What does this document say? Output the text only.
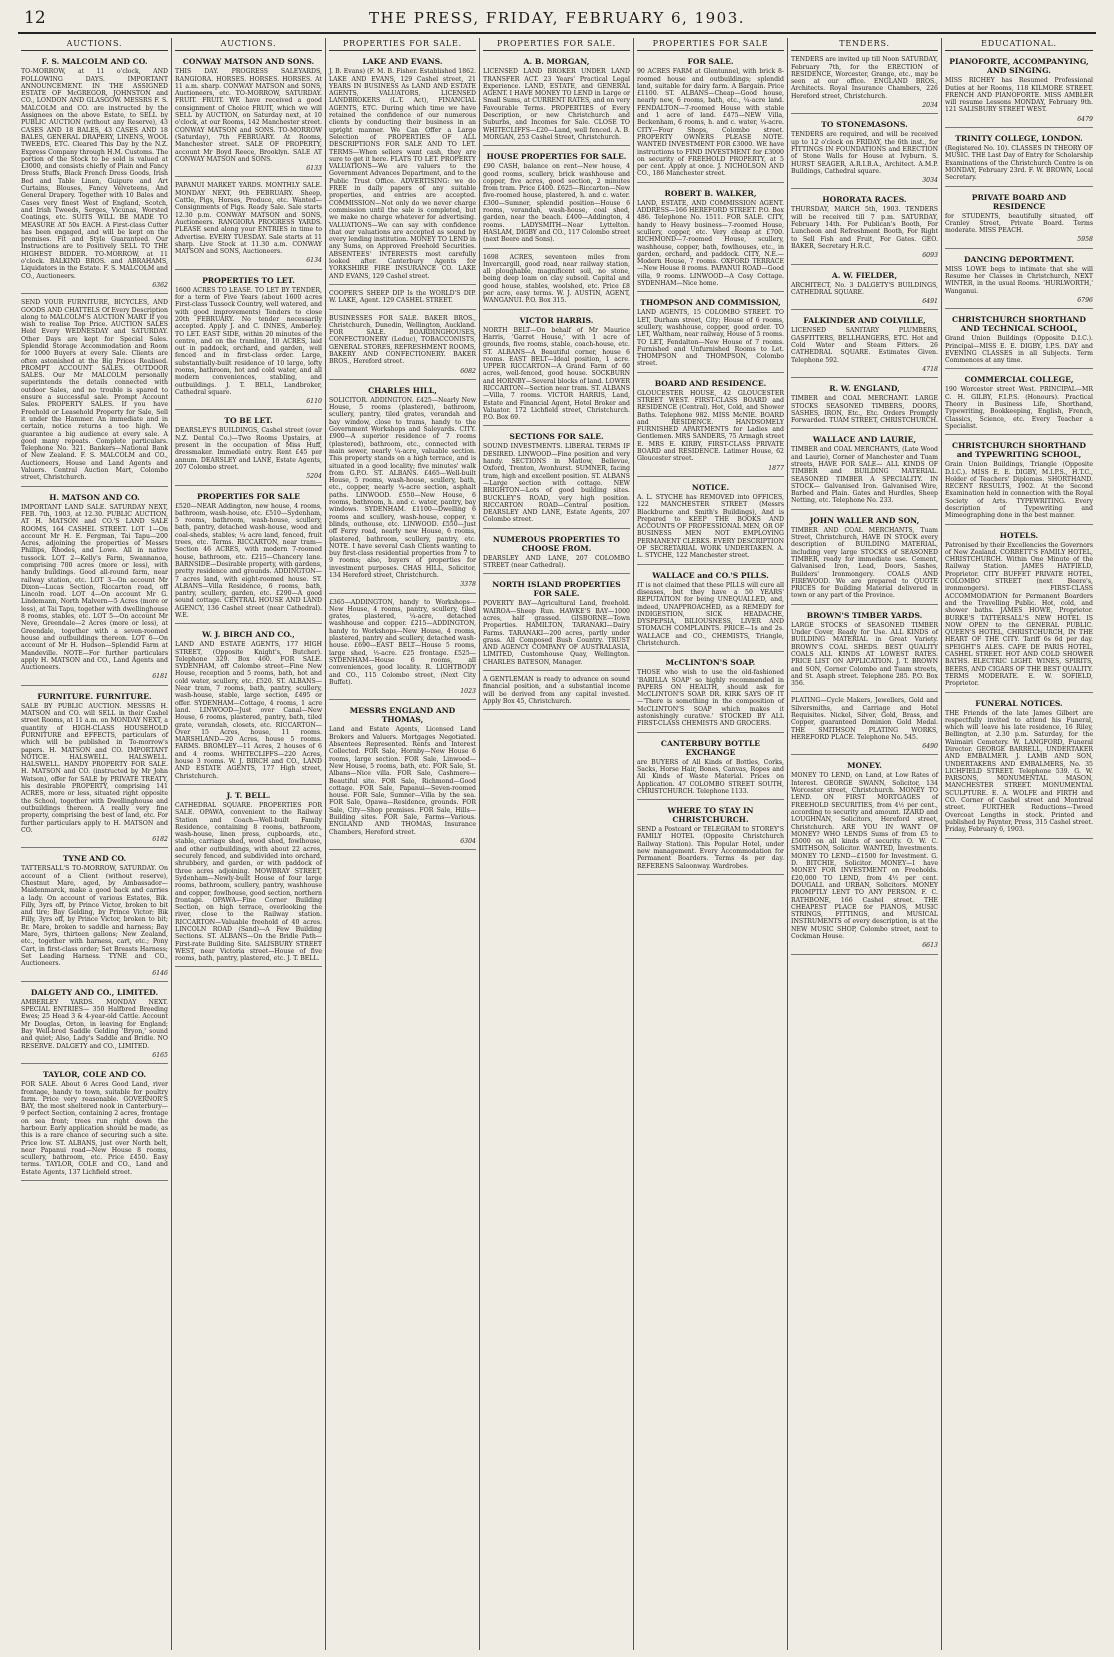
12	THE PRESS, FRIDAY, FEBRUARY 6, 1903.
AUCTIONS.
F. S. MALCOLM AND CO.
TO-MORROW, at 11 o'clock, AND FOLLOWING DAYS. IMPORTANT ANNOUNCEMENT. IN THE ASSIGNED ESTATE OF McGREGOR, JOHNSTON and CO., LONDON AND GLASGOW. MESSRS F. S. MALCOLM and CO. are instructed by the Assignees on the above Estate, to SELL by PUBLIC AUCTION (without any Reserve), 43 CASES AND 18 BALES, 43 CASES AND 18 BALES, GENERAL DRAPERY, LINENS, WOOL TWEEDS, ETC. Cleared This Day by the N.Z. Express Company through H.M. Customs. The portion of the Stock to be sold is valued at £3000, and consists chiefly of Plain and Fancy Dress Stuffs, Black French Dress Goods, Irish Bed and Table Linen, Guipure and Art Curtains, Blouses, Fancy Velveteens, And General Drapery. Together with 10 Bales and Cases very finest West of England, Scotch, and Irish Tweeds, Serges, Vicunas, Worsted Coatings, etc. SUITS WILL BE MADE TO MEASURE AT 50s EACH. A First-class Cutter has been engaged, and will be kept on the premises. Fit and Style Guaranteed. Our Instructions are to Positively SELL TO THE HIGHEST BIDDER. TO-MORROW, at 11 o'clock. BALKIND BROS. and ABRAHAMS, Liquidators in the Estate. F. S. MALCOLM and CO., Auctioneers.
6362
SEND YOUR FURNITURE, BICYCLES, AND GOODS AND CHATTELS Of Every Description along to MALCOLM'S AUCTION MART If you wish to realise Top Price. AUCTION SALES Held Every WEDNESDAY and SATURDAY. Other Days are kept for Special Sales. Splendid Storage Accommodation and Room for 1000 Buyers at every Sale. Clients are often astonished at the Big Prices Realised. PROMPT ACCOUNT SALES. OUTDOOR SALES. Our Mr MALCOLM personally superintends the details connected with outdoor Sales, and no trouble is spared to ensure a successful sale. Prompt Account Sales. PROPERTY SALES. If you have Freehold or Leasehold Property for Sale, Sell it under the Hammer. An immediate and in certain, notice returns a too high. We guarantee a big audience at every sale. A good many repeats. Complete particulars. Telephone No. 321. Bankers—National Bank of New Zealand. F. S. MALCOLM and CO., Auctioneers, House and Land Agents and Valuers. Central Auction Mart, Colombo street, Christchurch.
H. MATSON AND CO.
IMPORTANT LAND SALE. SATURDAY NEXT, FEB. 7th, 1903, at 12.30. PUBLIC AUCTION, AT H. MATSON and CO.'S LAND SALE ROOMS, 164 CASHEL STREET. LOT 1—On account Mr H. E. Fergman, Tai Tapu—200 Acres, adjoining the properties of Messrs Phillips, Rhodes, and Lowe. All in native tussock. LOT 2—Kelly's Farm, Swannanoa, comprising 700 acres (more or less), with handy buildings. Good all-round farm, near railway station, etc. LOT 3—On account Mr Dixon—Lucas Section, Riccarton road, off Lincoln road. LOT 4—On account Mr G. Lindemann, North Malvern—5 Acres (more or less), at Tai Tapu, together with dwellinghouse 8 rooms, stables, etc. LOT 5—On account Mr Neve, Greendale—2 Acres (more or less), at Greendale, together with a seven-roomed house and outbuildings thereon. LOT 6—On account of Mr H. Hudson—Splendid Farm at Mandeville. NOTE—For further particulars apply H. MATSON and CO., Land Agents and Auctioneers.
6181
FURNITURE. FURNITURE.
SALE BY PUBLIC AUCTION. MESSRS H. MATSON and CO. will SELL in their Cashel street Rooms, at 11 a.m. on MONDAY NEXT, a quantity of HIGH-CLASS HOUSEHOLD FURNITURE and EFFECTS, particulars of which will be published in To-morrow's papers. H. MATSON and CO. IMPORTANT NOTICE. HALSWELL. HALSWELL. HALSWELL. HANDY PROPERTY FOR SALE. H. MATSON and CO. (instructed by Mr John Watson), offer for SALE by PRIVATE TREATY, his desirable PROPERTY, comprising 141 ACRES, more or less, situated right opposite the School, together with Dwellinghouse and outbuildings thereon. A really very fine property, comprising the best of land, etc. For further particulars apply to H. MATSON and CO.
6182
TYNE AND CO.
TATTERSALL'S TO-MORROW, SATURDAY. On account of a Client (without reserve), Chestnut Mare, aged, by Ambassador—Maidenmarck, make a good back and carries a lady. On account of various Estates, Bik. Filly, 3yrs off, by Prince Victor, broken to bit and tire; Bay Gelding, by Prince Victor; Bik Filly, 3yrs off, by Prince Victor, broken to bit; Br. Mare, broken to saddle and harness; Bay Mare, 5yrs, thirteen gallons; New Zealand, etc., together with harness, cart, etc.; Pony Cart, in first-class order; Set Breasts Harness; Set Leading Harness. TYNE and CO., Auctioneers.
6146
DALGETY AND CO., LIMITED.
AMBERLEY YARDS. MONDAY NEXT. SPECIAL ENTRIES— 350 Halfbred Breeding Ewes; 25 Head 3 & 4-year-old Cattle. Account Mr Douglas, Orton, in leaving for England; Bay Well-bred Saddle Gelding 'Bryon,' sound and quiet; Also, Lady's Saddle and Bridle. NO RESERVE. DALGETY and CO., LIMITED.
6165
TAYLOR, COLE AND CO.
FOR SALE. About 6 Acres Good Land, river frontage, handy to town, suitable for poultry farm. Price very reasonable. GOVERNOR'S BAY, the most sheltered nook in Canterbury—9 perfect Section, containing 2 acres, frontage on sea front; trees run right down the harbour. Early application should be made, as this is a rare chance of securing such a site. Price low. ST. ALBANS, just over North belt, near Papanui road—New House 8 rooms, scullery, bathroom, etc. Price £450. Easy terms. TAYLOR, COLE and CO., Land and Estate Agents, 137 Lichfield street.
AUCTIONS.
CONWAY MATSON AND SONS.
THIS DAY. PROGRESS SALEYARDS, RANGIORA. HORSES. HORSES. HORSES. At 11 a.m. sharp. CONWAY MATSON and SONS, Auctioneers, etc. TO-MORROW, SATURDAY. FRUIT. FRUIT. WE have received a good consignment of Choice FRUIT, which we will SELL by AUCTION, on Saturday next, at 10 o'clock, at our Rooms, 142 Manchester street. CONWAY MATSON and SONS. TO-MORROW (Saturday), 7th FEBRUARY. At Rooms, Manchester street. SALE OF PROPERTY, account Mr Boyd Reece, Brooklyn. SALE AT CONWAY MATSON and SONS.
6133
PAPANUI MARKET YARDS. MONTHLY SALE. MONDAY NEXT, 9th FEBRUARY. Sheep, Cattle, Pigs, Horses, Produce, etc. Wanted—Consignments of Pigs. Ready Sale. Sale starts 12.30 p.m. CONWAY MATSON and SONS, Auctioneers. RANGIORA PROGRESS YARDS. PLEASE send along your ENTRIES in time to Advertise. EVERY TUESDAY. Sale starts at 11 sharp. Live Stock at 11.30 a.m. CONWAY MATSON and SONS, Auctioneers.
6134
PROPERTIES TO LET.
1600 ACRES TO LEASE. TO LET BY TENDER, for a term of Five Years (about 1600 acres First-class Tussock Country, well watered, and with good improvements) Tenders to close 20th FEBRUARY. No tender necessarily accepted. Apply J. and C. INNES, Amberley. TO LET. EAST SIDE, within 20 minutes of the centre, and on the tramline, 10 ACRES, laid out in paddock, orchard, and garden, well fenced and in first-class order. Large, substantially-built residence of 10 large, lofty rooms, bathroom, hot and cold water, and all modern conveniences, stabling, and outbuildings. J. T. BELL, Landbroker, Cathedral square.
6110
TO BE LET.
DEARSLEY'S BUILDINGS, Cashel street (over N.Z. Dental Co.)—Two Rooms Upstairs, at present in the occupation of Miss Huff, dressmaker. Immediate entry. Rent £45 per annum. DEARSLEY and LANE, Estate Agents, 207 Colombo street.
5204
PROPERTIES FOR SALE
£520—NEAR Addington, new house, 4 rooms, bathroom, wash-house, etc. £510—Sydenham, 5 rooms, bathroom, wash-house, scullery, bath, pantry, detached wash-house, wood and coal-sheds, stables; ¼ acre land, fenced, fruit trees, etc. Terms. RICCARTON, near tram—Section 46 ACRES, with modern 7-roomed house, bathroom, etc. £215—Chancery lane. BARNSIDE—Desirable property, with gardens, pretty residence and grounds. ADDINGTON—7 acres land, with eight-roomed house. ST. ALBANS—Villa Residence, 6 rooms, bath, pantry, scullery, garden, etc. £290—A good sound cottage. CENTRAL HOUSE AND LAND AGENCY, 136 Cashel street (near Cathedral). W.E.
W. J. BIRCH AND CO.,
LAND AND ESTATE AGENTS, 177 HIGH STREET, (Opposite Knight's, Butcher). Telephone 329. Box 460. FOR SALE. SYDENHAM, off Colombo street—Fine New House, reception and 5 rooms, bath, hot and cold water, scullery, etc. £520. ST. ALBANS—Near tram, 7 rooms, bath, pantry, scullery, wash-house, stable, large section, £495 or offer. SYDENHAM—Cottage, 4 rooms, 1 acre land. LINWOOD—Just over Canal—New House, 6 rooms, plastered, pantry, bath, tiled grate, verandah, closets, etc. RICCARTON—Over 15 Acres, house, 11 rooms. MARSHLAND—20 Acres, house 5 rooms. FARMS. BROMLEY—11 Acres, 2 houses of 6 and 4 rooms. WHITECLIFFS—220 Acres, house 3 rooms. W. J. BIRCH and CO., LAND AND ESTATE AGENTS, 177 High street, Christchurch.
J. T. BELL.
CATHEDRAL SQUARE. PROPERTIES FOR SALE. OPAWA, convenient to the Railway Station and Coach—Well-built Family Residence, containing 8 rooms, bathroom, wash-house, linen press, cupboards, etc., stable, carriage shed, wood shed, fowlhouse, and other outbuildings, with about 22 acres, securely fenced, and subdivided into orchard, shrubbery, and garden, or with paddock of three acres adjoining. MOWBRAY STREET, Sydenham—Newly-built House of four large rooms, bathroom, scullery, pantry, washhouse and copper, fowlhouse, good section, northern frontage. OPAWA—Fine Corner Building Section, on high terrace, overlooking the river, close to the Railway station. RICCARTON—Valuable freehold of 40 acres. LINCOLN ROAD (Sand)—A Few Building Sections. ST. ALBANS—On the Bridle Path—First-rate Building Site. SALISBURY STREET WEST, near Victoria street—House of five rooms, bath, pantry, plastered, etc. J. T. BELL.
PROPERTIES FOR SALE.
LAKE AND EVANS.
J. B. Evans) (F. M. B. Fisher. Established 1862. LAKE AND EVANS, 129 Cashel street, 21 YEARS IN BUSINESS As LAND AND ESTATE AGENTS, VALUATORS, LICENSED LANDBROKERS (L.T. Act), FINANCIAL AGENTS, ETC. During which time we have retained the confidence of our numerous clients by conducting their business in an upright manner. We Can Offer a Large Selection of PROPERTIES OF ALL DESCRIPTIONS FOR SALE AND TO LET. TERMS—When sellers want cash, they are sure to get it here. FLATS TO LET. PROPERTY VALUATIONS—We are valuers to the Government Advances Department, and to the Public Trust Office. ADVERTISING: we do FREE in daily papers of any suitable properties, and entries are accepted. COMMISSION—Not only do we never charge commission until the sale is completed, but we make no charge whatever for advertising. VALUATIONS—We can say with confidence that our valuations are accepted as sound by every lending institution. MONEY TO LEND in any Sums, on Approved Freehold Securities. ABSENTEES' INTERESTS most carefully looked after. Canterbury Agents for YORKSHIRE FIRE INSURANCE CO. LAKE AND EVANS, 129 Cashel street.
COOPER'S SHEEP DIP Is the WORLD'S DIP. W. LAKE, Agent. 129 CASHEL STREET.
BUSINESSES FOR SALE. BAKER BROS., Christchurch, Dunedin, Wellington, Auckland. FOR SALE. BOARDINGHOUSES, CONFECTIONERY (Leduc), TOBACCONISTS, GENERAL STORES, REFRESHMENT ROOMS, BAKERY AND CONFECTIONERY. BAKER BROS., Hereford street.
6082
CHARLES HILL,
SOLICITOR. ADDINGTON. £425—Nearly New House, 5 rooms (plastered), bathroom, scullery, pantry, tiled grates, verandah and bay window, close to trams, handy to the Government Workshops and Saleyards. CITY. £900—A superior residence of 7 rooms (plastered), bathroom, etc., connected with main sewer, nearly ¼-acre, valuable section. This property stands on a high terrace, and is situated in a good locality; five minutes' walk from G.P.O. ST. ALBANS. £465—Well-built House, 5 rooms, wash-house, scullery, bath, etc., copper, nearly ¼-acre section, asphalt paths. LINWOOD. £550—New House, 6 rooms, bathroom, h. and c. water, pantry, bay windows. SYDENHAM. £1100—Dwelling 6 rooms and scullery, wash-house, copper, v. blinds, outhouse, etc. LINWOOD. £550—Just off Ferry road, nearly new House, 6 rooms, plastered, bathroom, scullery, pantry, etc. NOTE. I have several Cash Clients wanting to buy first-class residential properties from 7 to 9 rooms; also, buyers of properties for investment purposes. CHAS HILL, Solicitor, 134 Hereford street, Christchurch.
3378
£365—ADDINGTON, handy to Workshops—New House, 4 rooms, pantry, scullery, tiled grates, plastered, ¼-acre, detached washhouse and copper. £215—ADDINGTON, handy to Workshops—New House, 4 rooms, plastered, pantry and scullery, detached wash-house. £690—EAST BELT—House 5 rooms, large shed, ½-acre. £25 frontage. £525—SYDENHAM—House 6 rooms, all conveniences, good locality. R. LIGHTBODY and CO., 115 Colombo street, (Next City Buffet).
1023
MESSRS ENGLAND AND THOMAS,
Land and Estate Agents, Licensed Land Brokers and Valuers. Mortgages Negotiated. Absentees Represented. Rents and Interest Collected. FOR Sale, Hornby—New House 6 rooms, large section. FOR Sale, Linwood—New House, 5 rooms, bath, etc. FOR Sale, St. Albans—Nice villa. FOR Sale, Cashmere—Beautiful site. FOR Sale, Richmond—Good cottage. FOR Sale, Papanui—Seven-roomed house. FOR Sale, Sumner—Villa by the sea. FOR Sale, Opawa—Residence, grounds. FOR Sale, City—Shop premises. FOR Sale, Hills—Building sites. FOR Sale, Farms—Various. ENGLAND AND THOMAS, Insurance Chambers, Hereford street.
6304
PROPERTIES FOR SALE.
A. B. MORGAN,
LICENSED LAND BROKER UNDER LAND TRANSFER ACT. 23 Years' Practical Legal Experience. LAND, ESTATE, and GENERAL AGENT. I HAVE MONEY TO LEND in Large or Small Sums, at CURRENT RATES, and on very Favourable Terms. PROPERTIES of Every Description, or new Christchurch and Suburbs, and Incomes for Sale. CLOSE TO WHITECLIFFS—£20—Land, well fenced. A. B. MORGAN, 253 Cashel Street, Christchurch.
HOUSE PROPERTIES FOR SALE.
£90 CASH, balance on rent—New house, 4 good rooms, scullery, brick washhouse and copper, five acres, good section, 2 minutes from tram. Price £400. £625—Riccarton—New five-roomed house, plastered, h. and c. water. £300—Sumner, splendid position—House 6 rooms, verandah, wash-house, coal shed, garden, near the beach. £400—Addington, 4 rooms. LADYSMITH—Near Lyttelton. HASLAM, DIGBY and CO., 117 Colombo street (next Beere and Sons).
1698 ACRES, seventeen miles from Invercargill, good road, near railway station, all ploughable, magnificent soil, no stone, being deep loam on clay subsoil. Capital and good house, stables, woolshed, etc. Price £8 per acre, easy terms. W. J. AUSTIN, AGENT, WANGANUI. P.O. Box 315.
VICTOR HARRIS.
NORTH BELT—On behalf of Mr Maurice Harris, 'Garret House,' with 1 acre of grounds, five rooms, stable, coach-house, etc. ST. ALBANS—A Beautiful corner, house 6 rooms. EAST BELT—Ideal position, 1 acre. UPPER RICCARTON—A Grand Farm of 60 acres, well-fenced, good house. SOCKBURN and HORNBY—Several blocks of land. LOWER RICCARTON—Section near tram. ST. ALBANS—Villa, 7 rooms. VICTOR HARRIS, Land, Estate and Financial Agent, Hotel Broker and Valuator. 172 Lichfield street, Christchurch. P.O. Box 69.
SECTIONS FOR SALE.
SOUND INVESTMENTS. LIBERAL TERMS IF DESIRED. LINWOOD—Fine position and very handy. SECTIONS in Matlow, Bellevue, Oxford, Trenton, Avonhurst. SUMNER, facing tram, high and excellent position. ST. ALBANS—Large section with cottage. NEW BRIGHTON—Lots of good building sites. BUCKLEY'S ROAD, very high position. RICCARTON ROAD—Central position. DEARSLEY AND LANE, Estate Agents, 207 Colombo street.
NUMEROUS PROPERTIES TO CHOOSE FROM.
DEARSLEY AND LANE, 207 COLOMBO STREET (near Cathedral).
NORTH ISLAND PROPERTIES FOR SALE.
POVERTY BAY—Agricultural Land, freehold. WAIROA—Sheep Run. HAWKE'S BAY—1000 acres, half grassed. GISBORNE—Town Properties. HAMILTON, TARANAKI—Dairy Farms. TARANAKI—200 acres, partly under grass. All Composed Bush Country. TRUST AND AGENCY COMPANY OF AUSTRALASIA, LIMITED, Customhouse Quay, Wellington. CHARLES BATESON, Manager.
A GENTLEMAN is ready to advance on sound financial position, and a substantial income will be derived from any capital invested. Apply Box 45, Christchurch.
PROPERTIES FOR SALE
FOR SALE.
90 ACRES FARM at Glentunnel, with brick 8-roomed house and outbuildings; splendid land, suitable for dairy farm. A Bargain. Price £1100. ST. ALBANS—Cheap—Good house, nearly new, 6 rooms, bath, etc., ¼-acre land. FENDALTON—7-roomed House with stable and 1 acre of land. £475—NEW Villa, Beckenham, 6 rooms, h. and c. water, ¼-acre. CITY—Four Shops, Colombo street. PROPERTY OWNERS PLEASE NOTE. WANTED INVESTMENT FOR £3000. WE have instructions to FIND INVESTMENT for £3000 on security of FREEHOLD PROPERTY, at 5 per cent. Apply at once. J. NICHOLSON AND CO., 186 Manchester street.
ROBERT B. WALKER,
LAND, ESTATE, AND COMMISSION AGENT. ADDRESS—166 HEREFORD STREET. P.O. Box 486. Telephone No. 1511. FOR SALE. CITY, handy to Heavy business—7-roomed House, scullery, copper, etc. Very cheap at £700. RICHMOND—7-roomed House, scullery, washhouse, copper, bath, fowlhouses, etc., in garden, orchard, and paddock. CITY, N.E.—Modern House, 7 rooms. OXFORD TERRACE—New House 8 rooms. PAPANUI ROAD—Good villa, 9 rooms. LINWOOD—A Cosy Cottage. SYDENHAM—Nice home.
THOMPSON AND COMMISSION,
LAND AGENTS, 15 COLOMBO STREET. TO LET, Durham street, City; House of 6 rooms, scullery, washhouse, copper, good order. TO LET, Waltham, near railway, House of 5 rooms. TO LET, Fendalton—New House of 7 rooms. Furnished and Unfurnished Rooms to Let. THOMPSON and THOMPSON, Colombo street.
BOARD AND RESIDENCE.
GLOUCESTER HOUSE, 42 GLOUCESTER STREET WEST. FIRST-CLASS BOARD and RESIDENCE (Central). Hot, Cold, and Shower Baths. Telephone 982. MISS McNIE. BOARD and RESIDENCE. HANDSOMELY FURNISHED APARTMENTS for Ladies and Gentlemen. MRS SANDERS, 75 Armagh street E. MRS E. KIRBY, FIRST-CLASS PRIVATE BOARD and RESIDENCE. Latimer House, 62 Gloucester street.
1877
NOTICE.
A. L. STYCHE has REMOVED into OFFICES, 122 MANCHESTER STREET (Messrs Blackburne and Smith's Buildings), And is Prepared to KEEP THE BOOKS AND ACCOUNTS OF PROFESSIONAL MEN, OR OF BUSINESS MEN NOT EMPLOYING PERMANENT CLERKS. EVERY DESCRIPTION OF SECRETARIAL WORK UNDERTAKEN. A. L. STYCHE, 122 Manchester street.
WALLACE and CO.'S PILLS.
IT is not claimed that these PILLS will cure all diseases, but they have a 50 YEARS' REPUTATION for being UNEQUALLED, and, indeed, UNAPPROACHED, as a REMEDY for INDIGESTION, SICK HEADACHE, DYSPEPSIA, BILIOUSNESS, LIVER AND STOMACH COMPLAINTS. PRICE—1s and 2s. WALLACE and CO., CHEMISTS, Triangle, Christchurch.
McCLINTON'S SOAP.
THOSE who wish to use the old-fashioned 'BARILLA SOAP' so highly recommended in PAPERS ON HEALTH, should ask for McCLINTON'S SOAP. DR. KIRK SAYS OF IT—'There is something in the composition of McCLINTON'S SOAP which makes it astonishingly curative.' STOCKED BY ALL FIRST-CLASS CHEMISTS AND GROCERS.
CANTERBURY BOTTLE EXCHANGE
are BUYERS of All Kinds of Bottles, Corks, Sacks, Horse Hair, Bones, Canvas, Ropes and All Kinds of Waste Material. Prices on Application. 47 COLOMBO STREET SOUTH, CHRISTCHURCH. Telephone 1133.
WHERE TO STAY IN CHRISTCHURCH.
SEND a Postcard or TELEGRAM to STOREY'S FAMILY HOTEL (Opposite Christchurch Railway Station). This Popular Hotel, under new management. Every Accommodation for Permanent Boarders. Terms 4s per day. REFERENS Saloonway. Wardrobes.
TENDERS.
TENDERS are invited up till Noon SATURDAY, February 7th, for the ERECTION of RESIDENCE, Worcester, Grange, etc., may be seen at our office. ENGLAND BROS., Architects. Royal Insurance Chambers, 226 Hereford street, Christchurch.
2034
TO STONEMASONS.
TENDERS are required, and will be received up to 12 o'clock on FRIDAY, the 6th inst., for FITTINGS IN FOUNDATIONS and ERECTION of Stone Walls for House at Ivyburn. S. HURST SEAGER, A.R.I.B.A., Architect. A.M.P. Buildings, Cathedral square.
3034
HORORATA RACES.
THURSDAY, MARCH 5th, 1903. TENDERS will be received till 7 p.m. SATURDAY, February 14th. For Publican's Booth, For Luncheon and Refreshment Booth, For Right to Sell Fish and Fruit, For Gates. GEO. BAKER, Secretary H.R.C.
6093
A. W. FIELDER,
ARCHITECT, No. 3 DALGETY'S BUILDINGS, CATHEDRAL SQUARE.
6491
FALKINDER AND COLVILLE,
LICENSED SANITARY PLUMBERS, GASFITTERS, BELLHANGERS, ETC. Hot and Cold Water and Steam Fitters. 26 CATHEDRAL SQUARE. Estimates Given. Telephone 592.
4718
R. W. ENGLAND,
TIMBER and COAL MERCHANT. LARGE STOCKS SEASONED TIMBERS, DOORS, SASHES, IRON, Etc., Etc. Orders Promptly Forwarded. TUAM STREET, CHRISTCHURCH.
WALLACE AND LAURIE,
TIMBER and COAL MERCHANTS, (Late Wood and Laurie), Corner of Manchester and Tuam streets, HAVE FOR SALE— ALL KINDS OF TIMBER and BUILDING MATERIAL. SEASONED TIMBER A SPECIALITY. IN STOCK— Galvanised Iron. Galvanised Wire, Barbed and Plain. Gates and Hurdles, Sheep Netting, etc. Telephone No. 233.
JOHN WALLER AND SON,
TIMBER AND COAL MERCHANTS, Tuam Street, Christchurch, HAVE IN STOCK every description of BUILDING MATERIAL, including very large STOCKS of SEASONED TIMBER, ready for immediate use. Cement, Galvanised Iron, Lead, Doors, Sashes, Builders' Ironmongery. COALS AND FIREWOOD. We are prepared to QUOTE PRICES for Building Material delivered in town or any part of the Province.
BROWN'S TIMBER YARDS.
LARGE STOCKS of SEASONED TIMBER Under Cover, Ready for Use. ALL KINDS of BUILDING MATERIAL in Great Variety. BROWN'S COAL SHEDS. BEST QUALITY COALS ALL KINDS AT LOWEST RATES. PRICE LIST ON APPLICATION. J. T. BROWN and SON, Corner Colombo and Tuam streets, and St. Asaph street. Telephone 285. P.O. Box 356.
PLATING—Cycle Makers, Jewellers, Gold and Silversmiths, and Carriage and Hotel Requisites. Nickel, Silver, Gold, Brass, and Copper, guaranteed Dominion Gold Medal. THE SMITHSON PLATING WORKS, HEREFORD PLACE. Telephone No. 545.
6490
MONEY.
MONEY TO LEND, on Land, at Low Rates of Interest. GEORGE SWANN, Solicitor, 134 Worcester street, Christchurch. MONEY TO LEND. ON FIRST MORTGAGES of FREEHOLD SECURITIES, from 4½ per cent., according to security and amount. IZARD and LOUGHNAN, Solicitors, Hereford street, Christchurch. ARE YOU IN WANT OF MONEY? WHO LENDS Sums of from £5 to £5000 on all kinds of security. O. W. C. SMITHSON, Solicitor. WANTED, Investments. MONEY TO LEND—£1500 for Investment. G. D. BITCHIE, Solicitor. MONEY—I have MONEY FOR INVESTMENT on Freeholds. £20,000 TO LEND, from 4½ per cent. DOUGALL and URBAN, Solicitors. MONEY PROMPTLY LENT TO ANY PERSON. F. C. RATHBONE, 166 Cashel street. THE CHEAPEST PLACE for PIANOS, MUSIC STRINGS, FITTINGS, and MUSICAL INSTRUMENTS of every description, is at the NEW MUSIC SHOP, Colombo street, next to Cockman House.
6613
EDUCATIONAL.
PIANOFORTE, ACCOMPANYING, AND SINGING.
MISS RICHEY has Resumed Professional Duties at her Rooms, 118 KILMORE STREET. FRENCH AND PIANOFORTE. MISS AMBLER will resume Lessons MONDAY, February 9th. 121 SALISBURY STREET WEST.
6479
TRINITY COLLEGE, LONDON.
(Registered No. 10). CLASSES IN THEORY OF MUSIC. THE Last Day of Entry for Scholarship Examinations of the Christchurch Centre is on MONDAY, February 23rd. F. W. BROWN, Local Secretary.
PRIVATE BOARD AND RESIDENCE
for STUDENTS, beautifully situated, off Cranley Street, Private Board. Terms moderate. MISS PEACH.
5958
DANCING DEPORTMENT.
MISS LOWE begs to intimate that she will Resume her Classes in Christchurch, NEXT WINTER, in the usual Rooms. 'HURLWORTH,' Wanganui.
6796
CHRISTCHURCH SHORTHAND AND TECHNICAL SCHOOL,
Grand Union Buildings (Opposite D.I.C.). Principal—MISS E. E. DIGBY, I.P.S. DAY and EVENING CLASSES in all Subjects. Term Commences at any time.
COMMERCIAL COLLEGE,
190 Worcester street West. PRINCIPAL—MR C. H. GILBY, F.I.P.S. (Honours). Practical Theory in Business Life, Shorthand, Typewriting, Bookkeeping, English, French, Classics, Science, etc. Every Teacher a Specialist.
CHRISTCHURCH SHORTHAND and TYPEWRITING SCHOOL,
Grain Union Buildings, Triangle (Opposite D.I.C.). MISS E. E. DIGBY, M.I.P.S., H.T.C., Holder of Teachers' Diplomas. SHORTHAND. RECENT RESULTS, 1902. At the Second Examination held in connection with the Royal Society of Arts. TYPEWRITING. Every description of Typewriting and Mimeographing done in the best manner.
HOTELS.
Patronised by their Excellencies the Governors of New Zealand. CORBETT'S FAMILY HOTEL, CHRISTCHURCH. Within One Minute of the Railway Station. JAMES HATFIELD, Proprietor. CITY BUFFET PRIVATE HOTEL, COLOMBO STREET (next Beere's, ironmongers). FIRST-CLASS ACCOMMODATION for Permanent Boarders and the Travelling Public. Hot, cold, and shower baths. JAMES HOWE, Proprietor. BURKE'S TATTERSALL'S NEW HOTEL IS NOW OPEN to the GENERAL PUBLIC. QUEEN'S HOTEL, CHRISTCHURCH, IN THE HEART OF THE CITY. Tariff 6s 6d per day. SPEIGHT'S ALES. CAFE DE PARIS HOTEL, CASHEL STREET. HOT AND COLD SHOWER BATHS. ELECTRIC LIGHT. WINES, SPIRITS, BEERS, AND CIGARS OF THE BEST QUALITY. TERMS MODERATE. E. W. SOFIELD, Proprietor.
FUNERAL NOTICES.
THE Friends of the late James Gilbert are respectfully invited to attend his Funeral, which will leave his late residence, 16 Riley, Bellington, at 2.30 p.m. Saturday, for the Waimairi Cemetery. W. LANGFORD, Funeral Director. GEORGE BARRELL, UNDERTAKER AND EMBALMER. J. LAMB AND SON, UNDERTAKERS AND EMBALMERS, No. 35 LICHFIELD STREET. Telephone 539. G. W. PARSONS, MONUMENTAL MASON, MANCHESTER STREET. MONUMENTAL SCULPTURE. E. A. WOLFE and FIRTH and CO. Corner of Cashel street and Montreal street. FURTHER Reductions—Tweed Overcoat Lengths in stock. Printed and published by Paynter, Press, 315 Cashel street. Friday, February 6, 1903.
